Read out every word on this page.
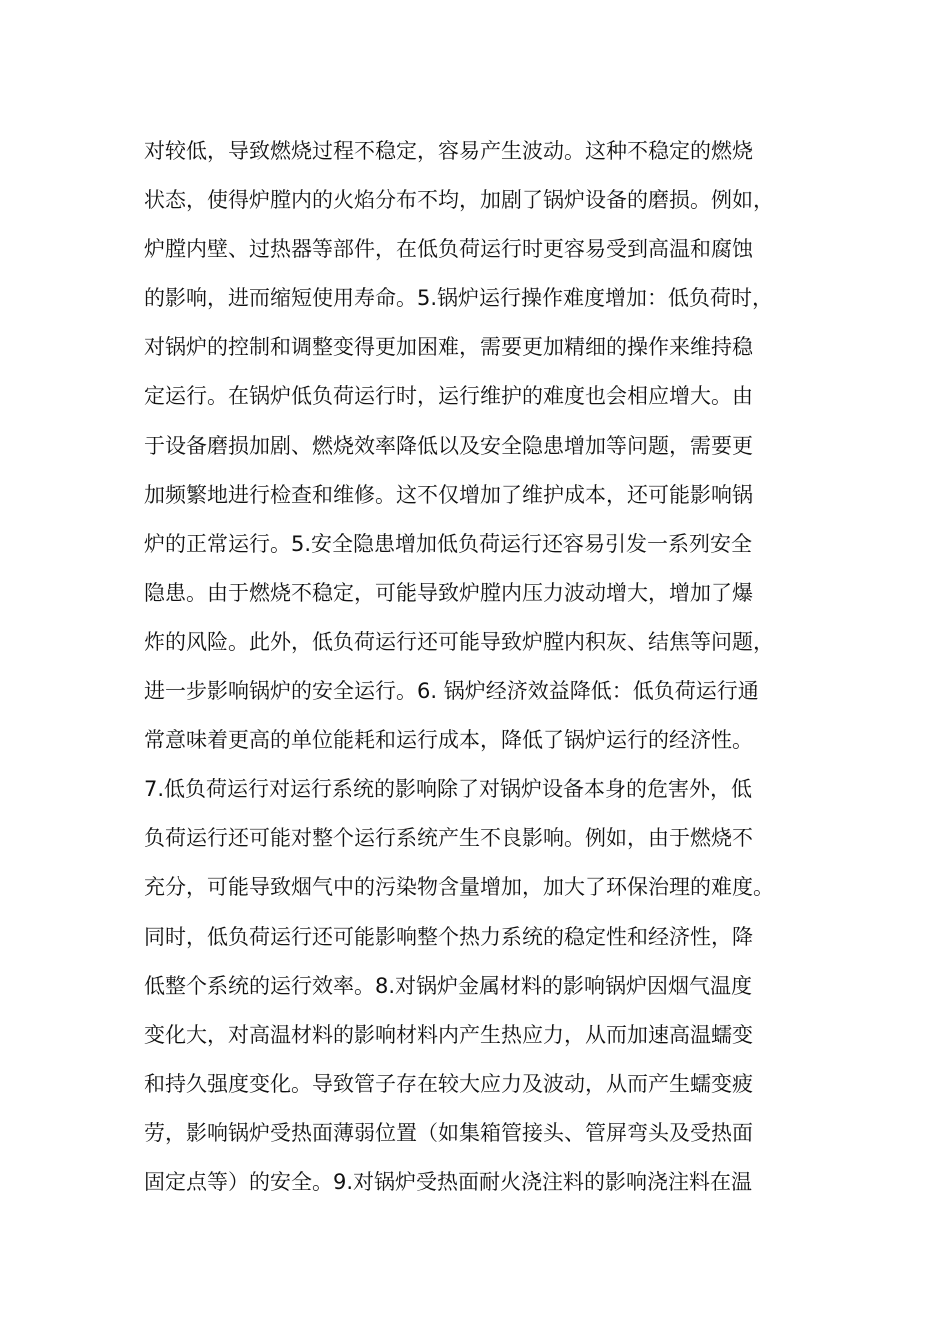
对较低，导致燃烧过程不稳定，容易产生波动。这种不稳定的燃烧
状态，使得炉膛内的火焰分布不均，加剧了锅炉设备的磨损。例如，
炉膛内壁、过热器等部件，在低负荷运行时更容易受到高温和腐蚀
的影响，进而缩短使用寿命。5.锅炉运行操作难度增加：低负荷时，
对锅炉的控制和调整变得更加困难，需要更加精细的操作来维持稳
定运行。在锅炉低负荷运行时，运行维护的难度也会相应增大。由
于设备磨损加剧、燃烧效率降低以及安全隐患增加等问题，需要更
加频繁地进行检查和维修。这不仅增加了维护成本，还可能影响锅
炉的正常运行。5.安全隐患增加低负荷运行还容易引发一系列安全
隐患。由于燃烧不稳定，可能导致炉膛内压力波动增大，增加了爆
炸的风险。此外，低负荷运行还可能导致炉膛内积灰、结焦等问题，
进一步影响锅炉的安全运行。6. 锅炉经济效益降低：低负荷运行通
常意味着更高的单位能耗和运行成本，降低了锅炉运行的经济性。
7.低负荷运行对运行系统的影响除了对锅炉设备本身的危害外，低
负荷运行还可能对整个运行系统产生不良影响。例如，由于燃烧不
充分，可能导致烟气中的污染物含量增加，加大了环保治理的难度。
同时，低负荷运行还可能影响整个热力系统的稳定性和经济性，降
低整个系统的运行效率。8.对锅炉金属材料的影响锅炉因烟气温度
变化大，对高温材料的影响材料内产生热应力，从而加速高温蠕变
和持久强度变化。导致管子存在较大应力及波动，从而产生蠕变疲
劳，影响锅炉受热面薄弱位置（如集箱管接头、管屏弯头及受热面
固定点等）的安全。9.对锅炉受热面耐火浇注料的影响浇注料在温
